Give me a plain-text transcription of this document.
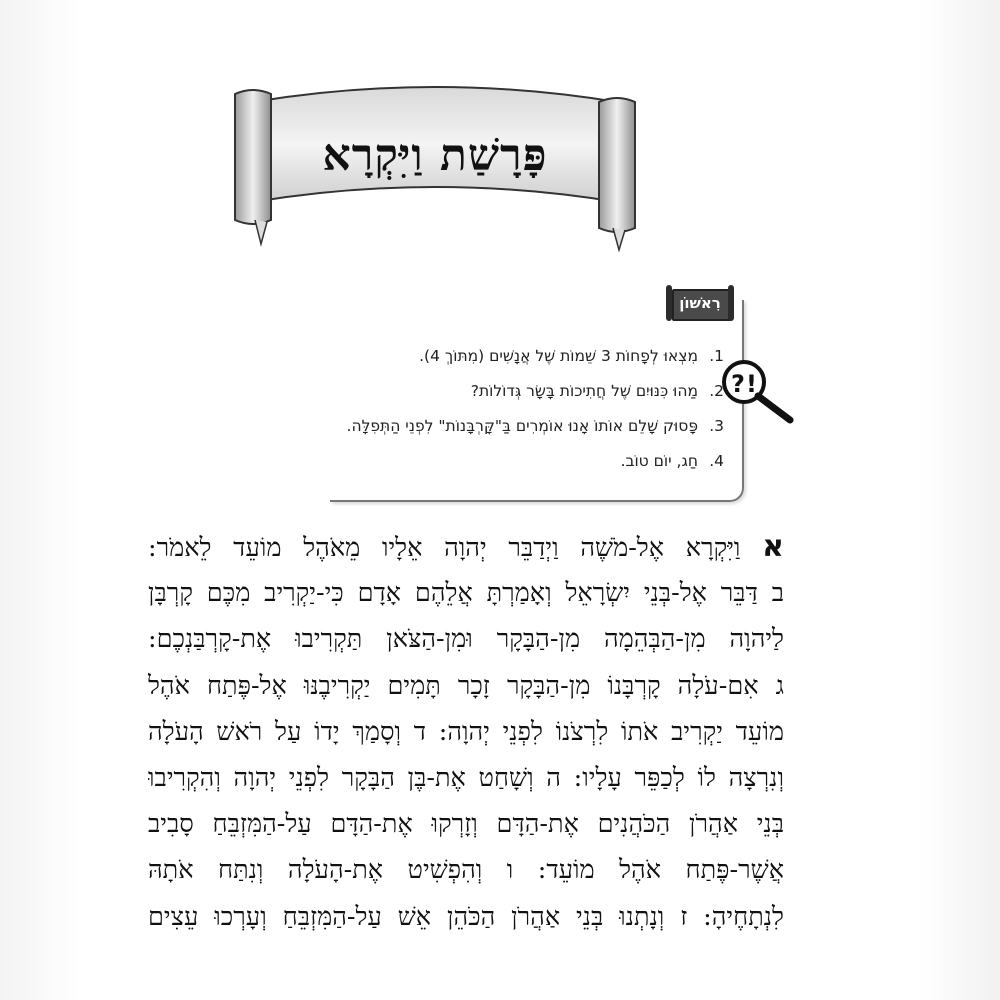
פָּרָשַׁת וַיִּקְרָא
רִאשׁוֹן
1.
מִצְאוּ לְפָחוֹת 3 שֵׁמוֹת שֶׁל אֲנָשִׁים (מִתּוֹךְ 4).
2.
מַהוּ כִּנּוּיִם שֶׁל חֲתִיכוֹת בָּשָׂר גְּדוֹלוֹת?
3.
פָּסוּק שָׁלֵם אוֹתוֹ אָנוּ אוֹמְרִים בַּ"קָּרְבָּנוֹת" לִפְנֵי הַתְּפִלָּה.
4.
חַג, יוֹם טוֹב.
? !
א וַיִּקְרָא אֶל-מֹשֶׁה וַיְדַבֵּר יְהוָה אֵלָיו מֵאֹהֶל מוֹעֵד לֵאמֹר:
ב דַּבֵּר אֶל-בְּנֵי יִשְׂרָאֵל וְאָמַרְתָּ אֲלֵהֶם אָדָם כִּי-יַקְרִיב מִכֶּם קָרְבָּן
לַיהוָה מִן-הַבְּהֵמָה מִן-הַבָּקָר וּמִן-הַצֹּאן תַּקְרִיבוּ אֶת-קָרְבַּנְכֶם:
ג אִם-עֹלָה קָרְבָּנוֹ מִן-הַבָּקָר זָכָר תָּמִים יַקְרִיבֶנּוּ אֶל-פֶּתַח אֹהֶל
מוֹעֵד יַקְרִיב אֹתוֹ לִרְצֹנוֹ לִפְנֵי יְהוָה: ד וְסָמַךְ יָדוֹ עַל רֹאשׁ הָעֹלָה
וְנִרְצָה לוֹ לְכַפֵּר עָלָיו: ה וְשָׁחַט אֶת-בֶּן הַבָּקָר לִפְנֵי יְהוָה וְהִקְרִיבוּ
בְּנֵי אַהֲרֹן הַכֹּהֲנִים אֶת-הַדָּם וְזָרְקוּ אֶת-הַדָּם עַל-הַמִּזְבֵּחַ סָבִיב
אֲשֶׁר-פֶּתַח אֹהֶל מוֹעֵד: ו וְהִפְשִׁיט אֶת-הָעֹלָה וְנִתַּח אֹתָהּ
לִנְתָחֶיהָ: ז וְנָתְנוּ בְּנֵי אַהֲרֹן הַכֹּהֵן אֵשׁ עַל-הַמִּזְבֵּחַ וְעָרְכוּ עֵצִים
